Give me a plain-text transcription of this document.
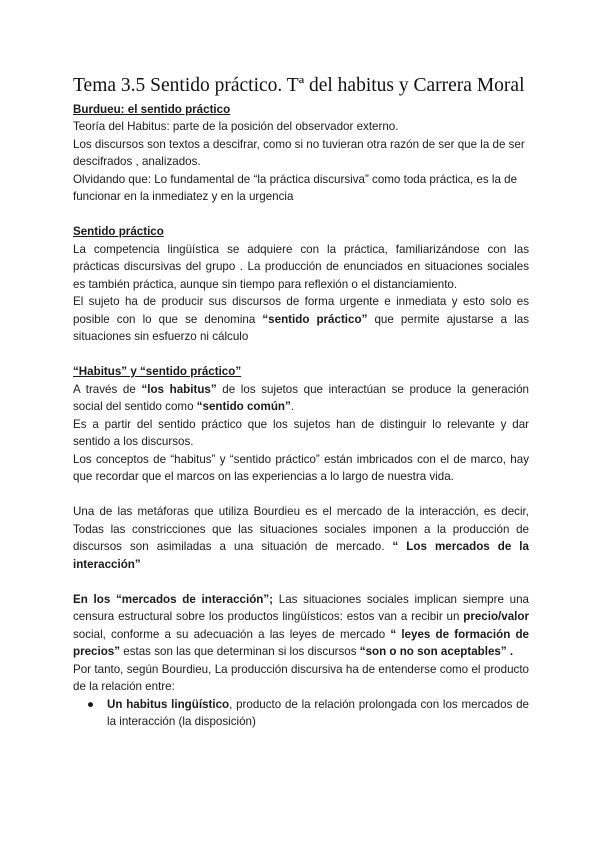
Tema 3.5 Sentido práctico. Tª del habitus y Carrera Moral

Burdueu: el sentido práctico

Teoría del Habitus: parte de la posición del observador externo.

Los discursos son textos a descifrar, como si no tuvieran otra razón de ser que la de ser descifrados , analizados.

Olvidando que: Lo fundamental de “la práctica discursiva” como toda práctica, es la de funcionar en la inmediatez y en la urgencia

Sentido práctico

La competencia lingüística se adquiere con la práctica, familiarizándose con las prácticas discursivas del grupo . La producción de enunciados en situaciones sociales es también práctica, aunque sin tiempo para reflexión o el distanciamiento.

El sujeto ha de producir sus discursos de forma urgente e inmediata y esto solo es posible con lo que se denomina “sentido práctico” que permite ajustarse a las situaciones sin esfuerzo ni cálculo

“Habitus” y “sentido práctico”

A través de “los habitus” de los sujetos que interactúan se produce la generación social del sentido como “sentido común”.

Es a partir del sentido práctico que los sujetos han de distinguir lo relevante y dar sentido a los discursos.

Los conceptos de “habitus” y “sentido práctico” están imbricados con el de marco, hay que recordar que el marcos on las experiencias a lo largo de nuestra vida.

Una de las metáforas que utiliza Bourdieu es el mercado de la interacción, es decir, Todas las constricciones que las situaciones sociales imponen a la producción de discursos son asimiladas a una situación de mercado. “ Los mercados de la interacción”

En los “mercados de interacción”; Las situaciones sociales implican siempre una censura estructural sobre los productos lingüísticos: estos van a recibir un precio/valor social, conforme a su adecuación a las leyes de mercado “ leyes de formación de precios” estas son las que determinan si los discursos “son o no son aceptables” .

Por tanto, según Bourdieu, La producción discursiva ha de entenderse como el producto de la relación entre:

● Un habitus lingüístico, producto de la relación prolongada con los mercados de la interacción (la disposición)
